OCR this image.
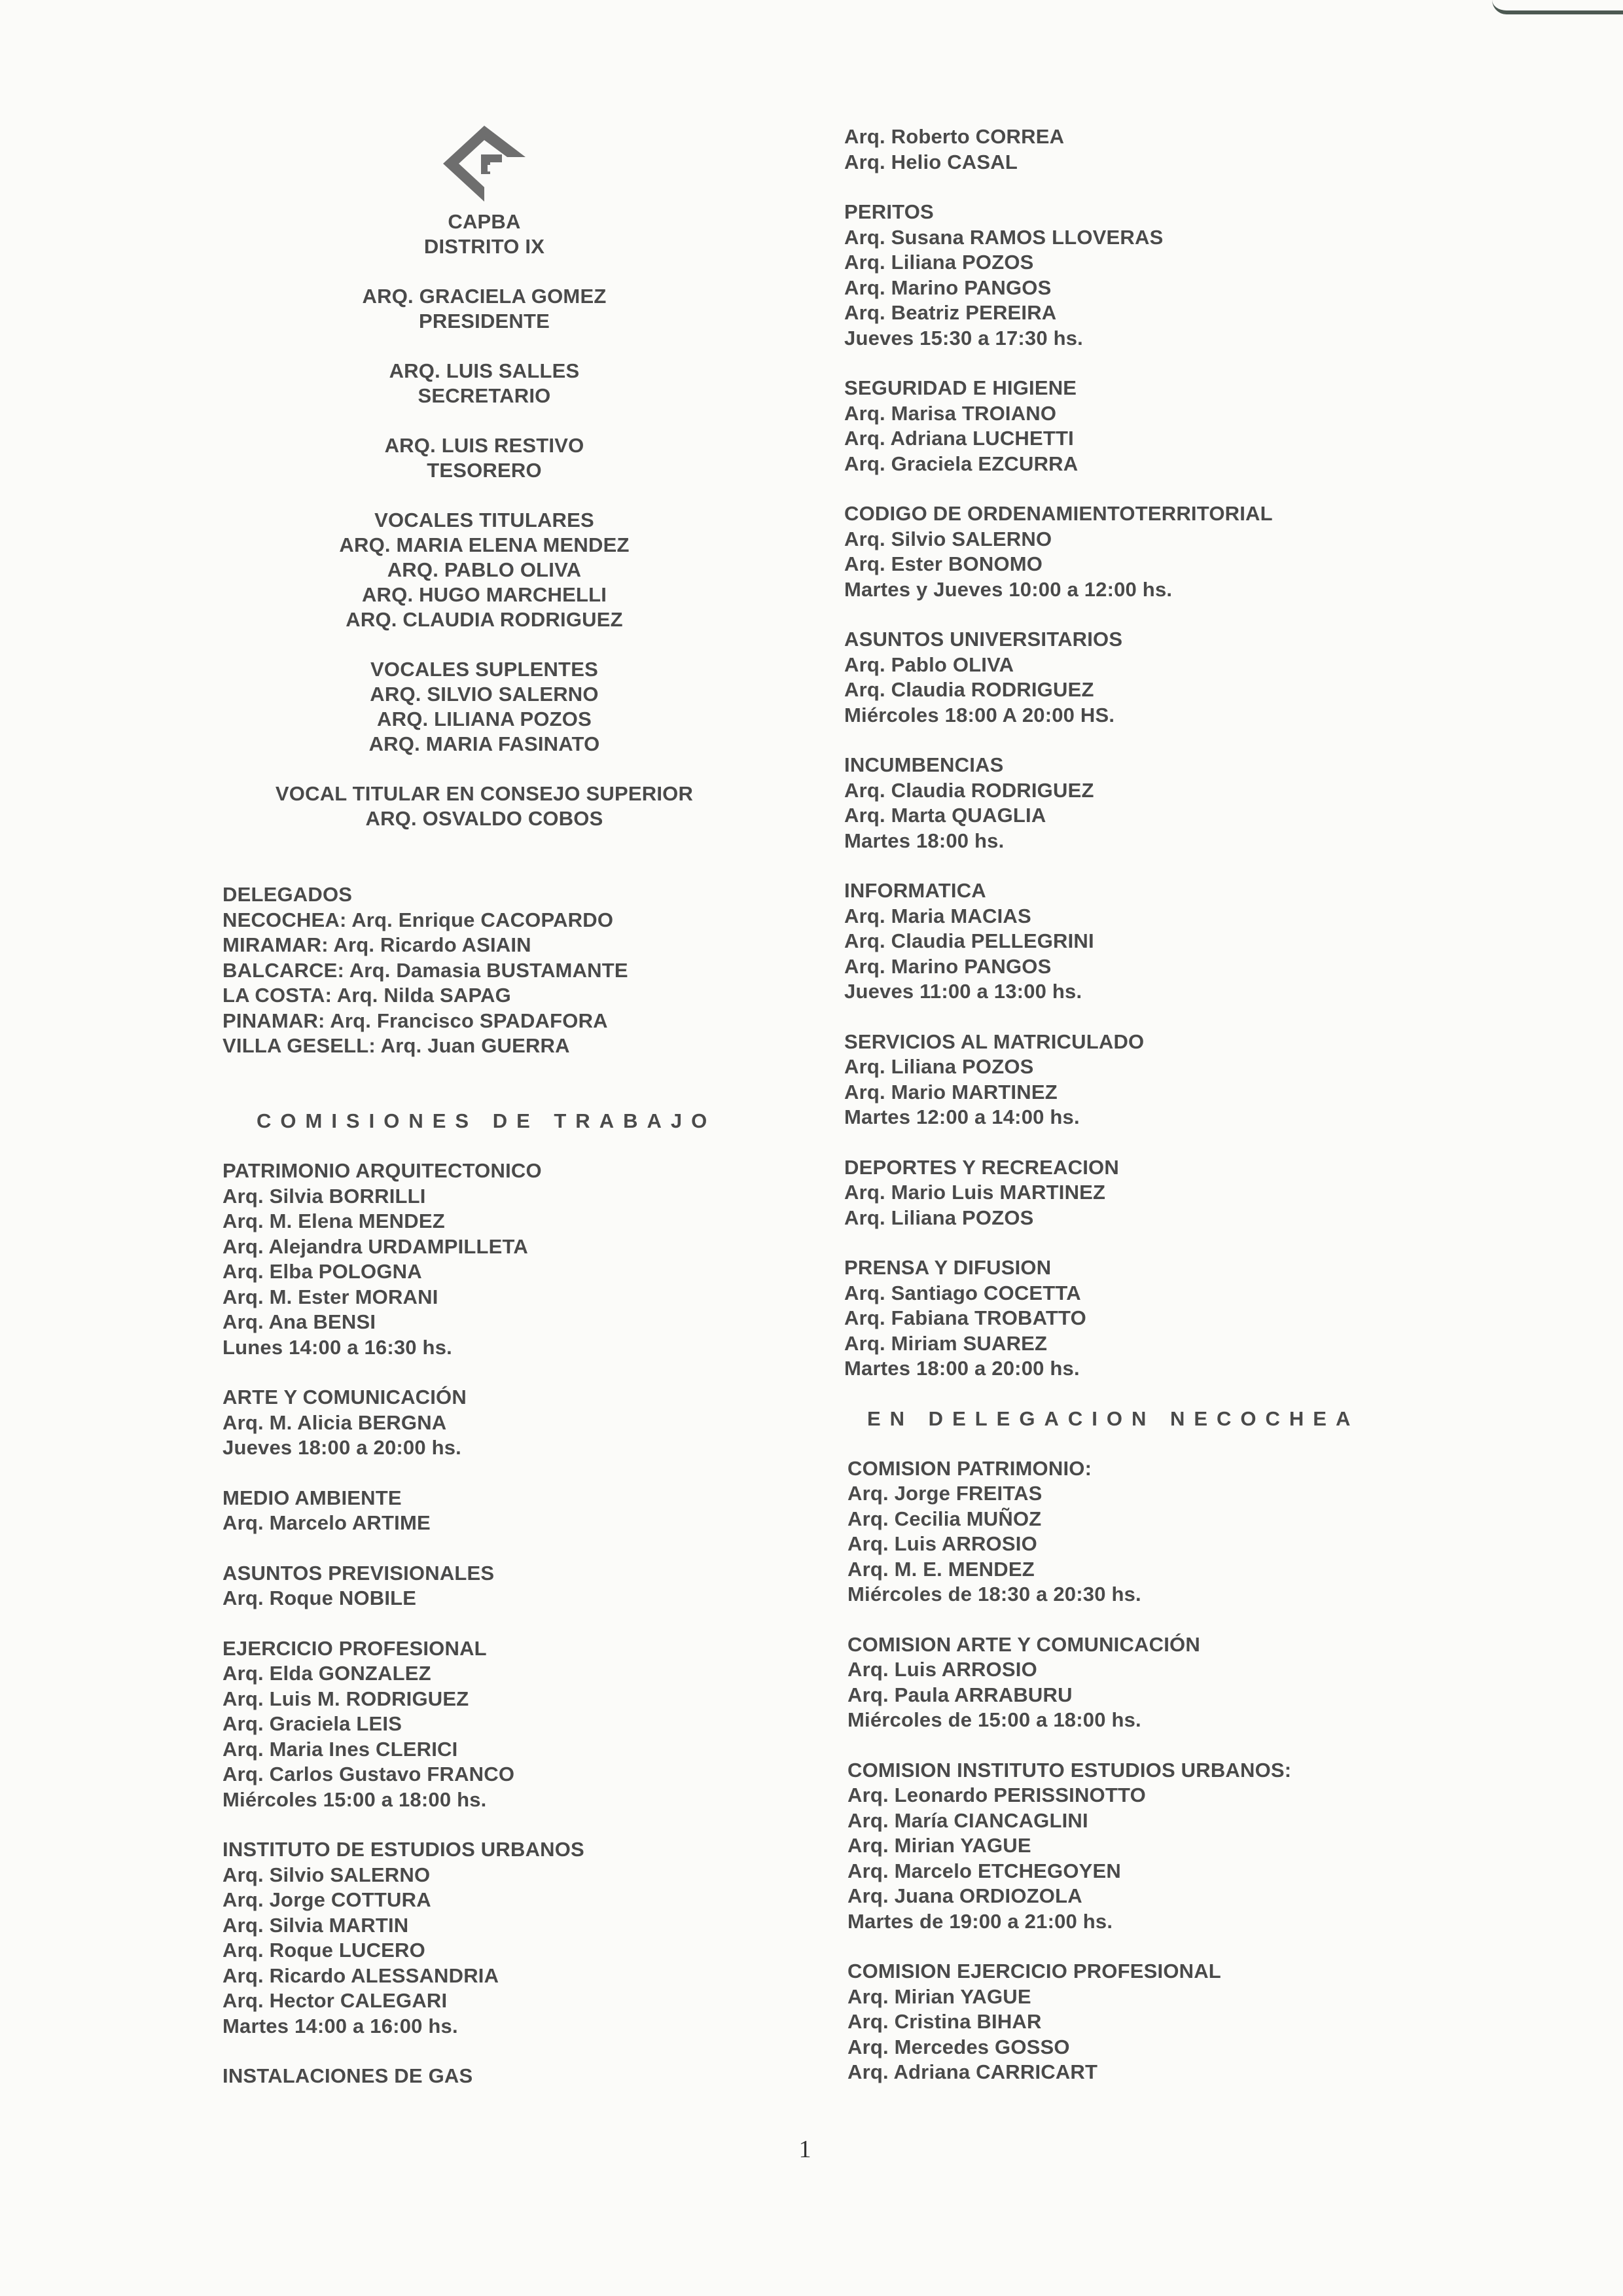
CAPBA
DISTRITO IX
ARQ. GRACIELA GOMEZ
PRESIDENTE
ARQ. LUIS SALLES
SECRETARIO
ARQ. LUIS RESTIVO
TESORERO
VOCALES TITULARES
ARQ. MARIA ELENA MENDEZ
ARQ. PABLO OLIVA
ARQ. HUGO MARCHELLI
ARQ. CLAUDIA RODRIGUEZ
VOCALES SUPLENTES
ARQ. SILVIO SALERNO
ARQ. LILIANA POZOS
ARQ. MARIA FASINATO
VOCAL TITULAR EN CONSEJO SUPERIOR
ARQ. OSVALDO COBOS
DELEGADOS
NECOCHEA: Arq. Enrique CACOPARDO
MIRAMAR: Arq. Ricardo ASIAIN
BALCARCE: Arq. Damasia BUSTAMANTE
LA COSTA: Arq. Nilda SAPAG
PINAMAR: Arq. Francisco SPADAFORA
VILLA GESELL: Arq. Juan GUERRA
COMISIONES DE TRABAJO
PATRIMONIO ARQUITECTONICO
Arq. Silvia BORRILLI
Arq. M. Elena MENDEZ
Arq. Alejandra URDAMPILLETA
Arq. Elba POLOGNA
Arq. M. Ester MORANI
Arq. Ana BENSI
Lunes 14:00 a 16:30 hs.
ARTE Y COMUNICACIÓN
Arq. M. Alicia BERGNA
Jueves 18:00 a 20:00 hs.
MEDIO AMBIENTE
Arq. Marcelo ARTIME
ASUNTOS PREVISIONALES
Arq. Roque NOBILE
EJERCICIO PROFESIONAL
Arq. Elda GONZALEZ
Arq. Luis M. RODRIGUEZ
Arq. Graciela LEIS
Arq. Maria Ines CLERICI
Arq. Carlos Gustavo FRANCO
Miércoles 15:00 a 18:00 hs.
INSTITUTO DE ESTUDIOS URBANOS
Arq. Silvio SALERNO
Arq. Jorge COTTURA
Arq. Silvia MARTIN
Arq. Roque LUCERO
Arq. Ricardo ALESSANDRIA
Arq. Hector CALEGARI
Martes 14:00 a 16:00 hs.
INSTALACIONES DE GAS
Arq. Roberto CORREA
Arq. Helio CASAL
PERITOS
Arq. Susana RAMOS LLOVERAS
Arq. Liliana POZOS
Arq. Marino PANGOS
Arq. Beatriz PEREIRA
Jueves 15:30 a 17:30 hs.
SEGURIDAD E HIGIENE
Arq. Marisa TROIANO
Arq. Adriana LUCHETTI
Arq. Graciela EZCURRA
CODIGO DE ORDENAMIENTOTERRITORIAL
Arq. Silvio SALERNO
Arq. Ester BONOMO
Martes y Jueves 10:00 a 12:00 hs.
ASUNTOS UNIVERSITARIOS
Arq. Pablo OLIVA
Arq. Claudia RODRIGUEZ
Miércoles 18:00 A 20:00 HS.
INCUMBENCIAS
Arq. Claudia RODRIGUEZ
Arq. Marta QUAGLIA
Martes 18:00 hs.
INFORMATICA
Arq. Maria MACIAS
Arq. Claudia PELLEGRINI
Arq. Marino PANGOS
Jueves 11:00 a 13:00 hs.
SERVICIOS AL MATRICULADO
Arq. Liliana POZOS
Arq. Mario MARTINEZ
Martes 12:00 a 14:00 hs.
DEPORTES Y RECREACION
Arq. Mario Luis MARTINEZ
Arq. Liliana POZOS
PRENSA Y DIFUSION
Arq. Santiago COCETTA
Arq. Fabiana TROBATTO
Arq. Miriam SUAREZ
Martes 18:00 a 20:00 hs.
EN DELEGACION NECOCHEA
COMISION PATRIMONIO:
Arq. Jorge FREITAS
Arq. Cecilia MUÑOZ
Arq. Luis ARROSIO
Arq. M. E. MENDEZ
Miércoles de 18:30 a 20:30 hs.
COMISION ARTE Y COMUNICACIÓN
Arq. Luis ARROSIO
Arq. Paula ARRABURU
Miércoles de 15:00 a 18:00 hs.
COMISION INSTITUTO ESTUDIOS URBANOS:
Arq. Leonardo PERISSINOTTO
Arq. María CIANCAGLINI
Arq. Mirian YAGUE
Arq. Marcelo ETCHEGOYEN
Arq. Juana ORDIOZOLA
Martes de 19:00 a 21:00 hs.
COMISION EJERCICIO PROFESIONAL
Arq. Mirian YAGUE
Arq. Cristina BIHAR
Arq. Mercedes GOSSO
Arq. Adriana CARRICART
1
